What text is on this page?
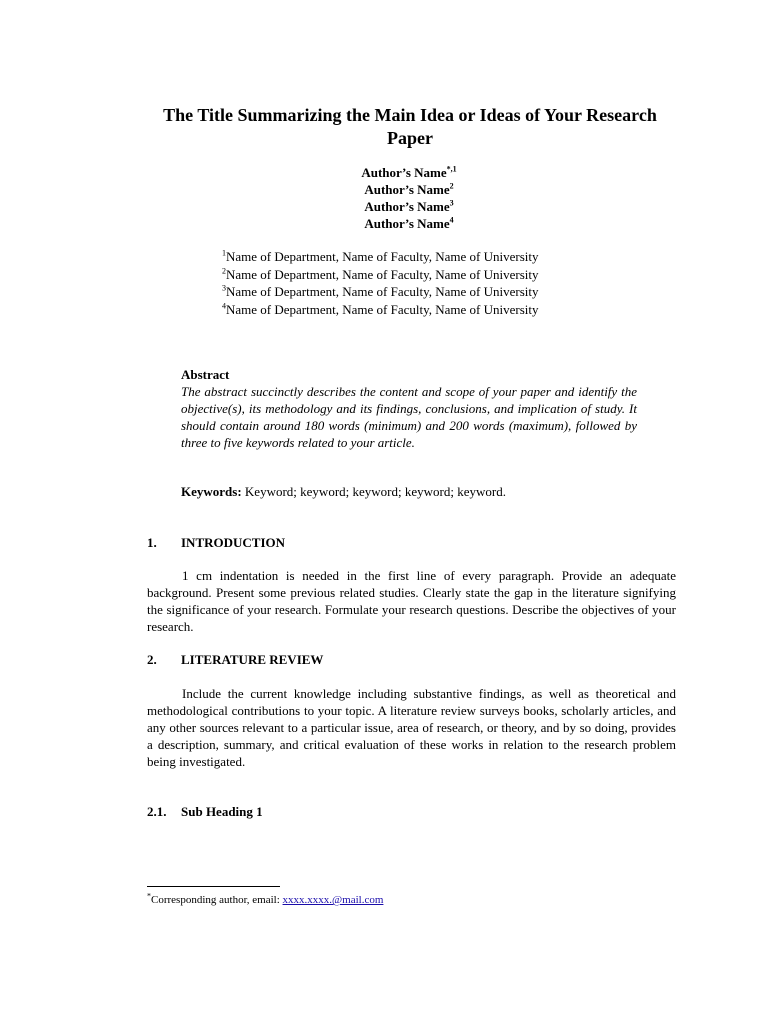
The Title Summarizing the Main Idea or Ideas of Your Research Paper
Author’s Name$^{*,1}$
Author’s Name$^2$
Author’s Name$^3$
Author’s Name$^4$
$^1$Name of Department, Name of Faculty, Name of University
$^2$Name of Department, Name of Faculty, Name of University
$^3$Name of Department, Name of Faculty, Name of University
$^4$Name of Department, Name of Faculty, Name of University
Abstract
The abstract succinctly describes the content and scope of your paper and identify the objective(s), its methodology and its findings, conclusions, and implication of study. It should contain around 180 words (minimum) and 200 words (maximum), followed by three to five keywords related to your article.
Keywords: Keyword; keyword; keyword; keyword; keyword.
1. INTRODUCTION
1 cm indentation is needed in the first line of every paragraph. Provide an adequate background. Present some previous related studies. Clearly state the gap in the literature signifying the significance of your research. Formulate your research questions. Describe the objectives of your research.
2. LITERATURE REVIEW
Include the current knowledge including substantive findings, as well as theoretical and methodological contributions to your topic. A literature review surveys books, scholarly articles, and any other sources relevant to a particular issue, area of research, or theory, and by so doing, provides a description, summary, and critical evaluation of these works in relation to the research problem being investigated.
2.1. Sub Heading 1
*Corresponding author, email: xxxx.xxxx.@mail.com
